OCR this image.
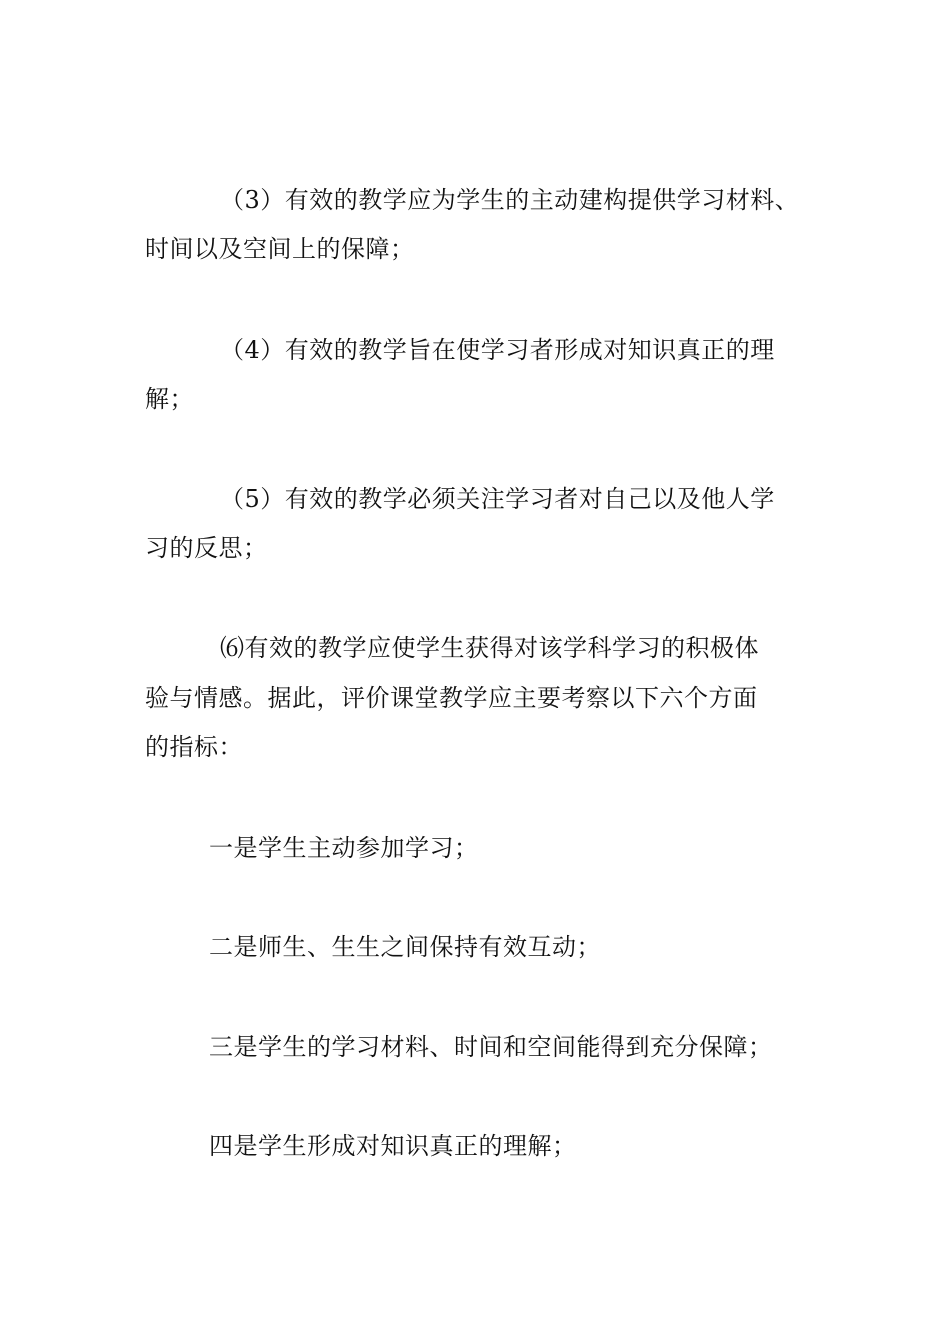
（3）有效的教学应为学生的主动建构提供学习材料、
时间以及空间上的保障；
（4）有效的教学旨在使学习者形成对知识真正的理
解；
（5）有效的教学必须关注学习者对自己以及他人学
习的反思；
⑹有效的教学应使学生获得对该学科学习的积极体
验与情感。据此，评价课堂教学应主要考察以下六个方面
的指标：
一是学生主动参加学习；
二是师生、生生之间保持有效互动；
三是学生的学习材料、时间和空间能得到充分保障；
四是学生形成对知识真正的理解；
